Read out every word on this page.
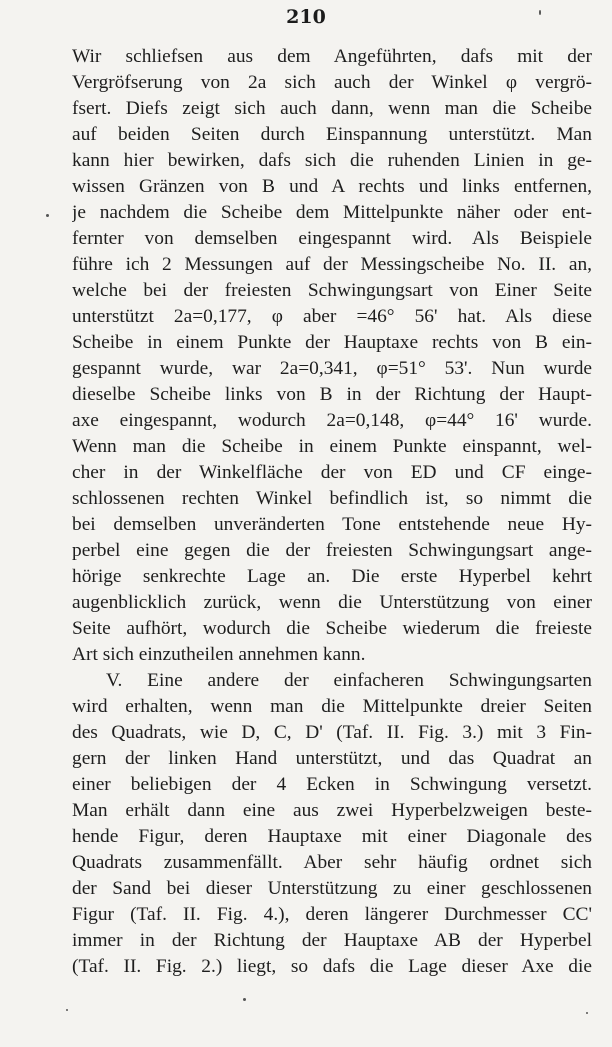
210
Wir schliefsen aus dem Angeführten, dafs mit der
Vergröfserung von 2a sich auch der Winkel φ vergrö-
fsert. Diefs zeigt sich auch dann, wenn man die Scheibe
auf beiden Seiten durch Einspannung unterstützt. Man
kann hier bewirken, dafs sich die ruhenden Linien in ge-
wissen Gränzen von B und A rechts und links entfernen,
je nachdem die Scheibe dem Mittelpunkte näher oder ent-
fernter von demselben eingespannt wird. Als Beispiele
führe ich 2 Messungen auf der Messingscheibe No. II. an,
welche bei der freiesten Schwingungsart von Einer Seite
unterstützt 2a=0,177, φ aber =46° 56' hat. Als diese
Scheibe in einem Punkte der Hauptaxe rechts von B ein-
gespannt wurde, war 2a=0,341, φ=51° 53'. Nun wurde
dieselbe Scheibe links von B in der Richtung der Haupt-
axe eingespannt, wodurch 2a=0,148, φ=44° 16' wurde.
Wenn man die Scheibe in einem Punkte einspannt, wel-
cher in der Winkelfläche der von ED und CF einge-
schlossenen rechten Winkel befindlich ist, so nimmt die
bei demselben unveränderten Tone entstehende neue Hy-
perbel eine gegen die der freiesten Schwingungsart ange-
hörige senkrechte Lage an. Die erste Hyperbel kehrt
augenblicklich zurück, wenn die Unterstützung von einer
Seite aufhört, wodurch die Scheibe wiederum die freieste
Art sich einzutheilen annehmen kann.
V. Eine andere der einfacheren Schwingungsarten
wird erhalten, wenn man die Mittelpunkte dreier Seiten
des Quadrats, wie D, C, D' (Taf. II. Fig. 3.) mit 3 Fin-
gern der linken Hand unterstützt, und das Quadrat an
einer beliebigen der 4 Ecken in Schwingung versetzt.
Man erhält dann eine aus zwei Hyperbelzweigen beste-
hende Figur, deren Hauptaxe mit einer Diagonale des
Quadrats zusammenfällt. Aber sehr häufig ordnet sich
der Sand bei dieser Unterstützung zu einer geschlossenen
Figur (Taf. II. Fig. 4.), deren längerer Durchmesser CC'
immer in der Richtung der Hauptaxe AB der Hyperbel
(Taf. II. Fig. 2.) liegt, so dafs die Lage dieser Axe die
